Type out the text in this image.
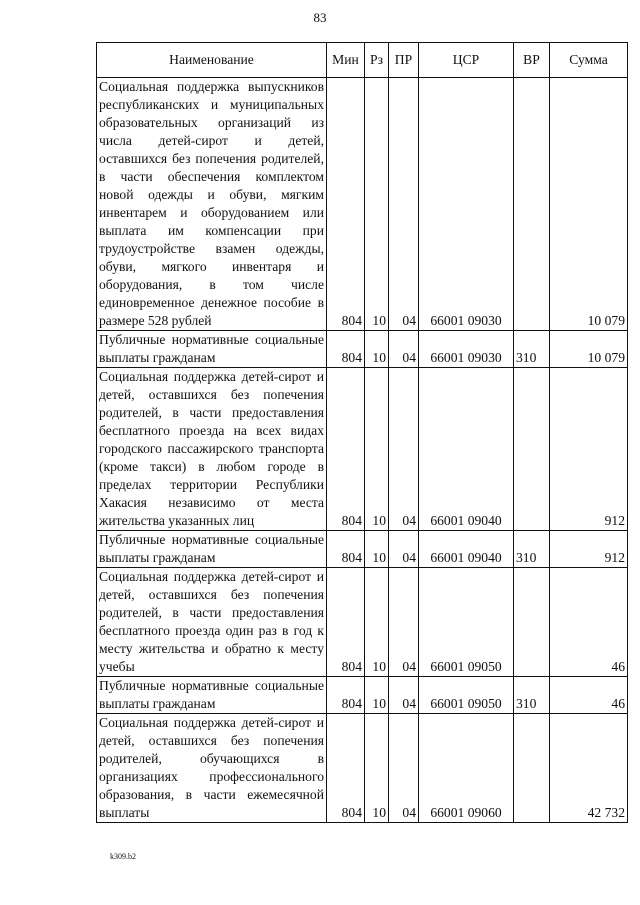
83
Наименование	Мин	Рз	ПР	ЦСР	ВР	Сумма
Социальная поддержка выпускников республиканских и муниципальных образовательных организаций из числа детей-сирот и детей, оставшихся без попечения родителей, в части обеспечения комплектом новой одежды и обуви, мягким инвентарем и оборудованием или выплата им компенсации при трудоустройстве взамен одежды, обуви, мягкого инвентаря и оборудования, в том числе единовременное денежное пособие в размере 528 рублей	804	10	04	66001 09030		10 079
Публичные нормативные социальные выплаты гражданам	804	10	04	66001 09030	310	10 079
Социальная поддержка детей-сирот и детей, оставшихся без попечения родителей, в части предоставления бесплатного проезда на всех видах городского пассажирского транспорта (кроме такси) в любом городе в пределах территории Республики Хакасия независимо от места жительства указанных лиц	804	10	04	66001 09040		912
Публичные нормативные социальные выплаты гражданам	804	10	04	66001 09040	310	912
Социальная поддержка детей-сирот и детей, оставшихся без попечения родителей, в части предоставления бесплатного проезда один раз в год к месту жительства и обратно к месту учебы	804	10	04	66001 09050		46
Публичные нормативные социальные выплаты гражданам	804	10	04	66001 09050	310	46
Социальная поддержка детей-сирот и детей, оставшихся без попечения родителей, обучающихся в организациях профессионального образования, в части ежемесячной выплаты	804	10	04	66001 09060		42 732
k309.b2
